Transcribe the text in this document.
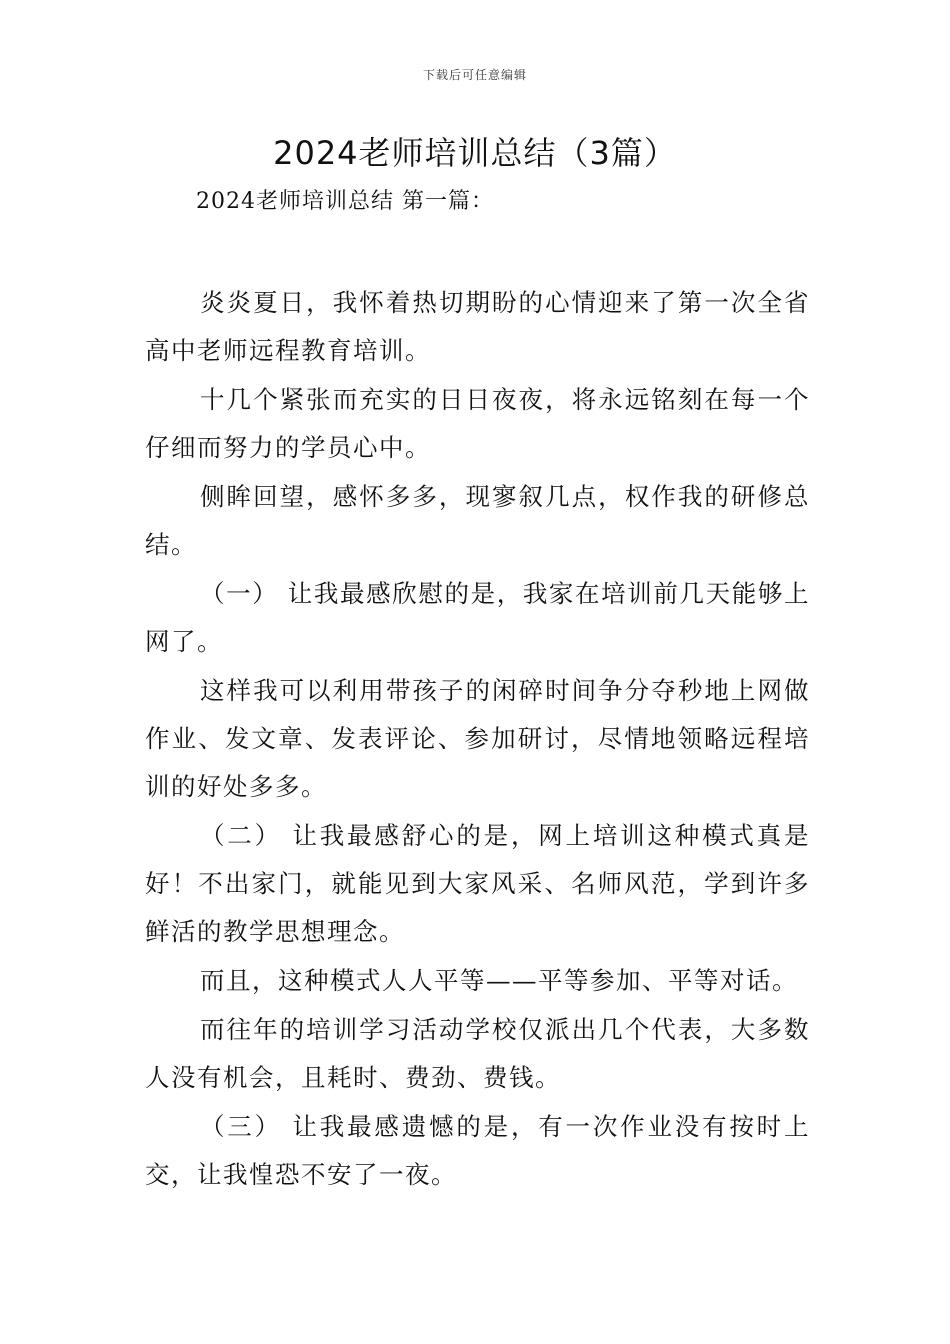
下载后可任意编辑
2024老师培训总结（3篇）
2024老师培训总结 第一篇：

炎炎夏日，我怀着热切期盼的心情迎来了第一次全省高中老师远程教育培训。

十几个紧张而充实的日日夜夜，将永远铭刻在每一个仔细而努力的学员心中。

侧眸回望，感怀多多，现寥叙几点，权作我的研修总结。

（一） 让我最感欣慰的是，我家在培训前几天能够上网了。

这样我可以利用带孩子的闲碎时间争分夺秒地上网做作业、发文章、发表评论、参加研讨，尽情地领略远程培训的好处多多。

（二） 让我最感舒心的是，网上培训这种模式真是好！不出家门，就能见到大家风采、名师风范，学到许多鲜活的教学思想理念。

而且，这种模式人人平等——平等参加、平等对话。

而往年的培训学习活动学校仅派出几个代表，大多数人没有机会，且耗时、费劲、费钱。

（三） 让我最感遗憾的是，有一次作业没有按时上交，让我惶恐不安了一夜。
